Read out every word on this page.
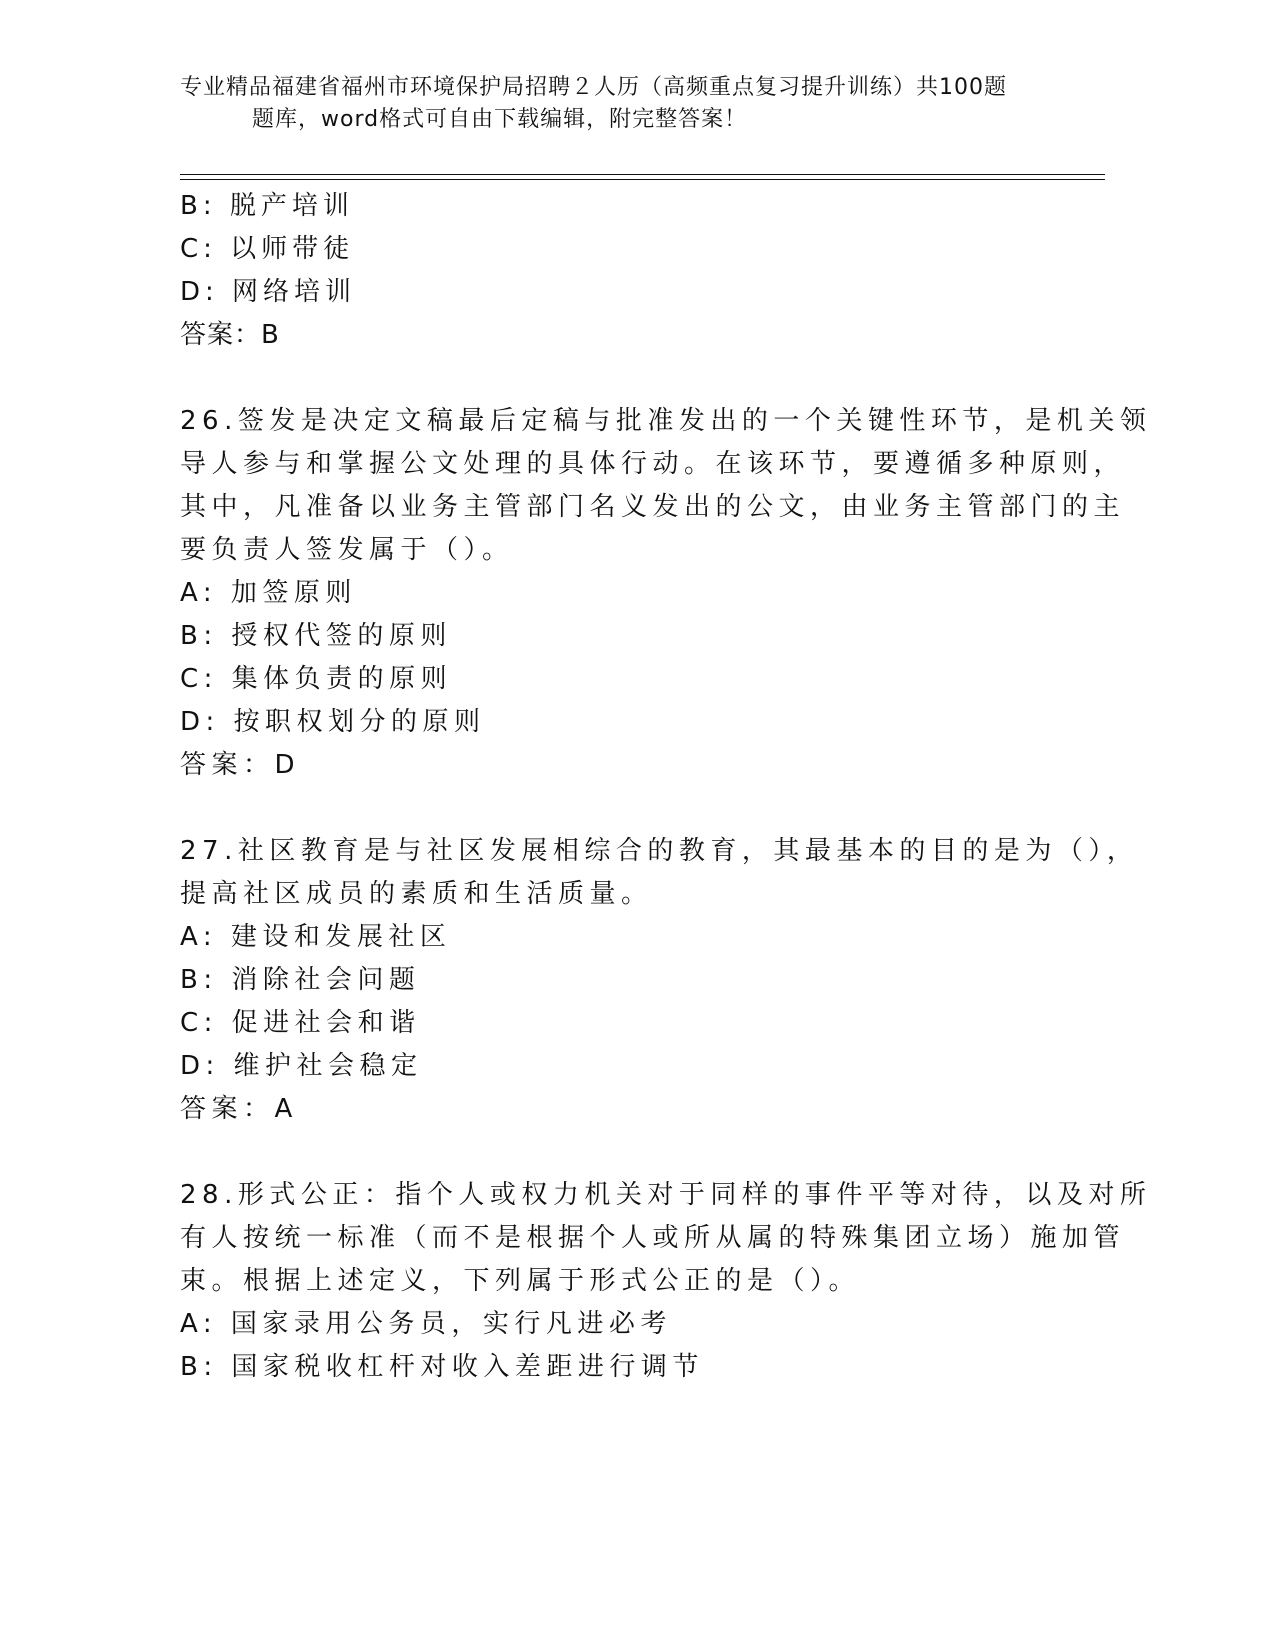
专业精品福建省福州市环境保护局招聘２人历（高频重点复习提升训练）共100题
题库，word格式可自由下载编辑，附完整答案！
B: 脱产培训
C: 以师带徒
D: 网络培训
答案：B
26.签发是决定文稿最后定稿与批准发出的一个关键性环节，是机关领
导人参与和掌握公文处理的具体行动。在该环节，要遵循多种原则，
其中，凡准备以业务主管部门名义发出的公文，由业务主管部门的主
要负责人签发属于（）。
A: 加签原则
B: 授权代签的原则
C: 集体负责的原则
D: 按职权划分的原则
答案：D
27.社区教育是与社区发展相综合的教育，其最基本的目的是为（），
提高社区成员的素质和生活质量。
A: 建设和发展社区
B: 消除社会问题
C: 促进社会和谐
D: 维护社会稳定
答案：A
28.形式公正：指个人或权力机关对于同样的事件平等对待，以及对所
有人按统一标准（而不是根据个人或所从属的特殊集团立场）施加管
束。根据上述定义，下列属于形式公正的是（）。
A: 国家录用公务员，实行凡进必考
B: 国家税收杠杆对收入差距进行调节
